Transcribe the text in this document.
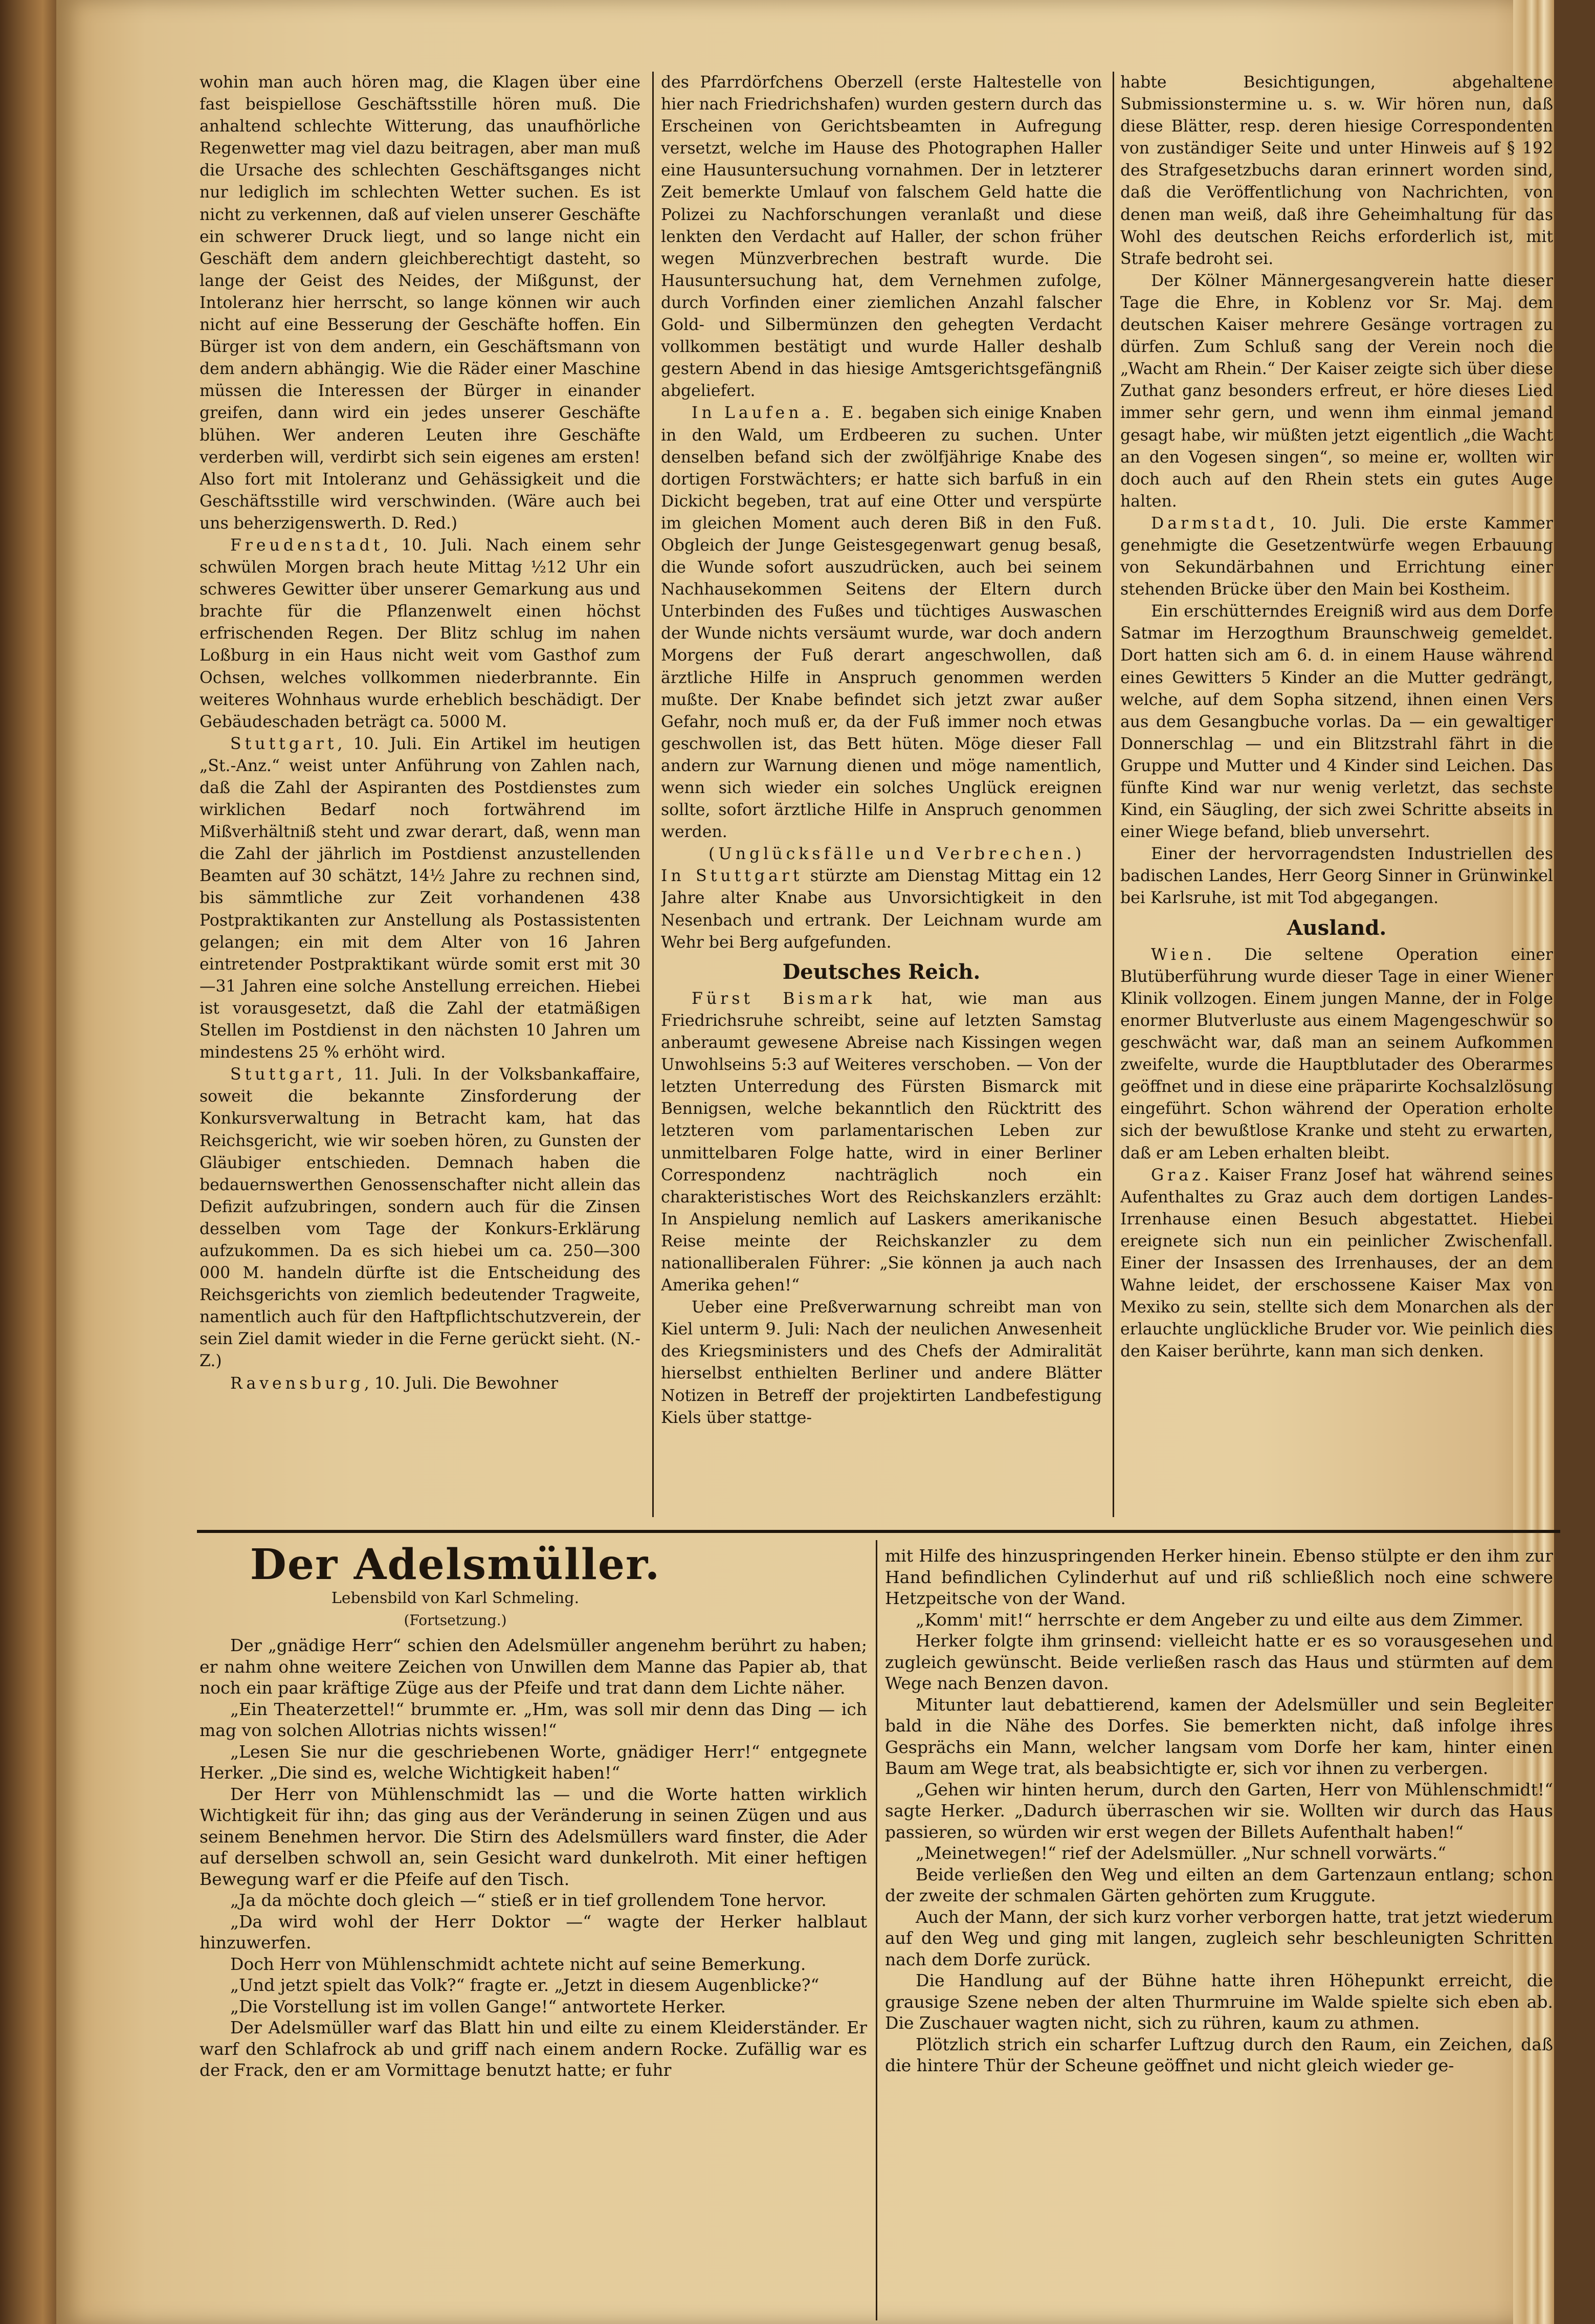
wohin man auch hören mag, die Klagen über eine fast beispiellose Geschäftsstille hören muß. Die anhaltend schlechte Witterung, das unaufhörliche Regenwetter mag viel dazu beitragen, aber man muß die Ursache des schlechten Geschäftsganges nicht nur lediglich im schlechten Wetter suchen. Es ist nicht zu verkennen, daß auf vielen unserer Geschäfte ein schwerer Druck liegt, und so lange nicht ein Geschäft dem andern gleichberechtigt dasteht, so lange der Geist des Neides, der Mißgunst, der Intoleranz hier herrscht, so lange können wir auch nicht auf eine Besserung der Geschäfte hoffen. Ein Bürger ist von dem andern, ein Geschäftsmann von dem andern abhängig. Wie die Räder einer Maschine müssen die Interessen der Bürger in einander greifen, dann wird ein jedes unserer Geschäfte blühen. Wer anderen Leuten ihre Geschäfte verderben will, verdirbt sich sein eigenes am ersten! Also fort mit Intoleranz und Gehässigkeit und die Geschäftsstille wird verschwinden. (Wäre auch bei uns beherzigenswerth. D. Red.)

Freudenstadt, 10. Juli. Nach einem sehr schwülen Morgen brach heute Mittag ½12 Uhr ein schweres Gewitter über unserer Gemarkung aus und brachte für die Pflanzenwelt einen höchst erfrischenden Regen. Der Blitz schlug im nahen Loßburg in ein Haus nicht weit vom Gasthof zum Ochsen, welches vollkommen niederbrannte. Ein weiteres Wohnhaus wurde erheblich beschädigt. Der Gebäudeschaden beträgt ca. 5000 M.

Stuttgart, 10. Juli. Ein Artikel im heutigen „St.-Anz.“ weist unter Anführung von Zahlen nach, daß die Zahl der Aspiranten des Postdienstes zum wirklichen Bedarf noch fortwährend im Mißverhältniß steht und zwar derart, daß, wenn man die Zahl der jährlich im Postdienst anzustellenden Beamten auf 30 schätzt, 14½ Jahre zu rechnen sind, bis sämmtliche zur Zeit vorhandenen 438 Postpraktikanten zur Anstellung als Postassistenten gelangen; ein mit dem Alter von 16 Jahren eintretender Postpraktikant würde somit erst mit 30—31 Jahren eine solche Anstellung erreichen. Hiebei ist vorausgesetzt, daß die Zahl der etatmäßigen Stellen im Postdienst in den nächsten 10 Jahren um mindestens 25 % erhöht wird.

Stuttgart, 11. Juli. In der Volksbankaffaire, soweit die bekannte Zinsforderung der Konkursverwaltung in Betracht kam, hat das Reichsgericht, wie wir soeben hören, zu Gunsten der Gläubiger entschieden. Demnach haben die bedauernswerthen Genossenschafter nicht allein das Defizit aufzubringen, sondern auch für die Zinsen desselben vom Tage der Konkurs-Erklärung aufzukommen. Da es sich hiebei um ca. 250—300 000 M. handeln dürfte ist die Entscheidung des Reichsgerichts von ziemlich bedeutender Tragweite, namentlich auch für den Haftpflichtschutzverein, der sein Ziel damit wieder in die Ferne gerückt sieht. (N.-Z.)

Ravensburg, 10. Juli. Die Bewohner

des Pfarrdörfchens Oberzell (erste Haltestelle von hier nach Friedrichshafen) wurden gestern durch das Erscheinen von Gerichtsbeamten in Aufregung versetzt, welche im Hause des Photographen Haller eine Hausuntersuchung vornahmen. Der in letzterer Zeit bemerkte Umlauf von falschem Geld hatte die Polizei zu Nachforschungen veranlaßt und diese lenkten den Verdacht auf Haller, der schon früher wegen Münzverbrechen bestraft wurde. Die Hausuntersuchung hat, dem Vernehmen zufolge, durch Vorfinden einer ziemlichen Anzahl falscher Gold- und Silbermünzen den gehegten Verdacht vollkommen bestätigt und wurde Haller deshalb gestern Abend in das hiesige Amtsgerichtsgefängniß abgeliefert.

In Laufen a. E. begaben sich einige Knaben in den Wald, um Erdbeeren zu suchen. Unter denselben befand sich der zwölfjährige Knabe des dortigen Forstwächters; er hatte sich barfuß in ein Dickicht begeben, trat auf eine Otter und verspürte im gleichen Moment auch deren Biß in den Fuß. Obgleich der Junge Geistesgegenwart genug besaß, die Wunde sofort auszudrücken, auch bei seinem Nachhausekommen Seitens der Eltern durch Unterbinden des Fußes und tüchtiges Auswaschen der Wunde nichts versäumt wurde, war doch andern Morgens der Fuß derart angeschwollen, daß ärztliche Hilfe in Anspruch genommen werden mußte. Der Knabe befindet sich jetzt zwar außer Gefahr, noch muß er, da der Fuß immer noch etwas geschwollen ist, das Bett hüten. Möge dieser Fall andern zur Warnung dienen und möge namentlich, wenn sich wieder ein solches Unglück ereignen sollte, sofort ärztliche Hilfe in Anspruch genommen werden.

(Unglücksfälle und Verbrechen.)

In Stuttgart stürzte am Dienstag Mittag ein 12 Jahre alter Knabe aus Unvorsichtigkeit in den Nesenbach und ertrank. Der Leichnam wurde am Wehr bei Berg aufgefunden.

Deutsches Reich.

Fürst Bismark hat, wie man aus Friedrichsruhe schreibt, seine auf letzten Samstag anberaumt gewesene Abreise nach Kissingen wegen Unwohlseins 5:3 auf Weiteres verschoben. — Von der letzten Unterredung des Fürsten Bismarck mit Bennigsen, welche bekanntlich den Rücktritt des letzteren vom parlamentarischen Leben zur unmittelbaren Folge hatte, wird in einer Berliner Correspondenz nachträglich noch ein charakteristisches Wort des Reichskanzlers erzählt: In Anspielung nemlich auf Laskers amerikanische Reise meinte der Reichskanzler zu dem nationalliberalen Führer: „Sie können ja auch nach Amerika gehen!“

Ueber eine Preßverwarnung schreibt man von Kiel unterm 9. Juli: Nach der neulichen Anwesenheit des Kriegsministers und des Chefs der Admiralität hierselbst enthielten Berliner und andere Blätter Notizen in Betreff der projektirten Landbefestigung Kiels über stattge-

habte Besichtigungen, abgehaltene Submissionstermine u. s. w. Wir hören nun, daß diese Blätter, resp. deren hiesige Correspondenten von zuständiger Seite und unter Hinweis auf § 192 des Strafgesetzbuchs daran erinnert worden sind, daß die Veröffentlichung von Nachrichten, von denen man weiß, daß ihre Geheimhaltung für das Wohl des deutschen Reichs erforderlich ist, mit Strafe bedroht sei.

Der Kölner Männergesangverein hatte dieser Tage die Ehre, in Koblenz vor Sr. Maj. dem deutschen Kaiser mehrere Gesänge vortragen zu dürfen. Zum Schluß sang der Verein noch die „Wacht am Rhein.“ Der Kaiser zeigte sich über diese Zuthat ganz besonders erfreut, er höre dieses Lied immer sehr gern, und wenn ihm einmal jemand gesagt habe, wir müßten jetzt eigentlich „die Wacht an den Vogesen singen“, so meine er, wollten wir doch auch auf den Rhein stets ein gutes Auge halten.

Darmstadt, 10. Juli. Die erste Kammer genehmigte die Gesetzentwürfe wegen Erbauung von Sekundärbahnen und Errichtung einer stehenden Brücke über den Main bei Kostheim.

Ein erschütterndes Ereigniß wird aus dem Dorfe Satmar im Herzogthum Braunschweig gemeldet. Dort hatten sich am 6. d. in einem Hause während eines Gewitters 5 Kinder an die Mutter gedrängt, welche, auf dem Sopha sitzend, ihnen einen Vers aus dem Gesangbuche vorlas. Da — ein gewaltiger Donnerschlag — und ein Blitzstrahl fährt in die Gruppe und Mutter und 4 Kinder sind Leichen. Das fünfte Kind war nur wenig verletzt, das sechste Kind, ein Säugling, der sich zwei Schritte abseits in einer Wiege befand, blieb unversehrt.

Einer der hervorragendsten Industriellen des badischen Landes, Herr Georg Sinner in Grünwinkel bei Karlsruhe, ist mit Tod abgegangen.

Ausland.

Wien. Die seltene Operation einer Blutüberführung wurde dieser Tage in einer Wiener Klinik vollzogen. Einem jungen Manne, der in Folge enormer Blutverluste aus einem Magengeschwür so geschwächt war, daß man an seinem Aufkommen zweifelte, wurde die Hauptblutader des Oberarmes geöffnet und in diese eine präparirte Kochsalzlösung eingeführt. Schon während der Operation erholte sich der bewußtlose Kranke und steht zu erwarten, daß er am Leben erhalten bleibt.

Graz. Kaiser Franz Josef hat während seines Aufenthaltes zu Graz auch dem dortigen Landes-Irrenhause einen Besuch abgestattet. Hiebei ereignete sich nun ein peinlicher Zwischenfall. Einer der Insassen des Irrenhauses, der an dem Wahne leidet, der erschossene Kaiser Max von Mexiko zu sein, stellte sich dem Monarchen als der erlauchte unglückliche Bruder vor. Wie peinlich dies den Kaiser berührte, kann man sich denken.

Der Adelsmüller.
Lebensbild von Karl Schmeling.
(Fortsetzung.)

Der „gnädige Herr“ schien den Adelsmüller angenehm berührt zu haben; er nahm ohne weitere Zeichen von Unwillen dem Manne das Papier ab, that noch ein paar kräftige Züge aus der Pfeife und trat dann dem Lichte näher.

„Ein Theaterzettel!“ brummte er. „Hm, was soll mir denn das Ding — ich mag von solchen Allotrias nichts wissen!“

„Lesen Sie nur die geschriebenen Worte, gnädiger Herr!“ entgegnete Herker. „Die sind es, welche Wichtigkeit haben!“

Der Herr von Mühlenschmidt las — und die Worte hatten wirklich Wichtigkeit für ihn; das ging aus der Veränderung in seinen Zügen und aus seinem Benehmen hervor. Die Stirn des Adelsmüllers ward finster, die Ader auf derselben schwoll an, sein Gesicht ward dunkelroth. Mit einer heftigen Bewegung warf er die Pfeife auf den Tisch.

„Ja da möchte doch gleich —“ stieß er in tief grollendem Tone hervor.

„Da wird wohl der Herr Doktor —“ wagte der Herker halblaut hinzuwerfen.

Doch Herr von Mühlenschmidt achtete nicht auf seine Bemerkung.

„Und jetzt spielt das Volk?“ fragte er. „Jetzt in diesem Augenblicke?“

„Die Vorstellung ist im vollen Gange!“ antwortete Herker.

Der Adelsmüller warf das Blatt hin und eilte zu einem Kleiderständer. Er warf den Schlafrock ab und griff nach einem andern Rocke. Zufällig war es der Frack, den er am Vormittage benutzt hatte; er fuhr

mit Hilfe des hinzuspringenden Herker hinein. Ebenso stülpte er den ihm zur Hand befindlichen Cylinderhut auf und riß schließlich noch eine schwere Hetzpeitsche von der Wand.

„Komm' mit!“ herrschte er dem Angeber zu und eilte aus dem Zimmer.

Herker folgte ihm grinsend: vielleicht hatte er es so vorausgesehen und zugleich gewünscht. Beide verließen rasch das Haus und stürmten auf dem Wege nach Benzen davon.

Mitunter laut debattierend, kamen der Adelsmüller und sein Begleiter bald in die Nähe des Dorfes. Sie bemerkten nicht, daß infolge ihres Gesprächs ein Mann, welcher langsam vom Dorfe her kam, hinter einen Baum am Wege trat, als beabsichtigte er, sich vor ihnen zu verbergen.

„Gehen wir hinten herum, durch den Garten, Herr von Mühlenschmidt!“ sagte Herker. „Dadurch überraschen wir sie. Wollten wir durch das Haus passieren, so würden wir erst wegen der Billets Aufenthalt haben!“

„Meinetwegen!“ rief der Adelsmüller. „Nur schnell vorwärts.“

Beide verließen den Weg und eilten an dem Gartenzaun entlang; schon der zweite der schmalen Gärten gehörten zum Kruggute.

Auch der Mann, der sich kurz vorher verborgen hatte, trat jetzt wiederum auf den Weg und ging mit langen, zugleich sehr beschleunigten Schritten nach dem Dorfe zurück.

Die Handlung auf der Bühne hatte ihren Höhepunkt erreicht, die grausige Szene neben der alten Thurmruine im Walde spielte sich eben ab. Die Zuschauer wagten nicht, sich zu rühren, kaum zu athmen.

Plötzlich strich ein scharfer Luftzug durch den Raum, ein Zeichen, daß die hintere Thür der Scheune geöffnet und nicht gleich wieder ge-
